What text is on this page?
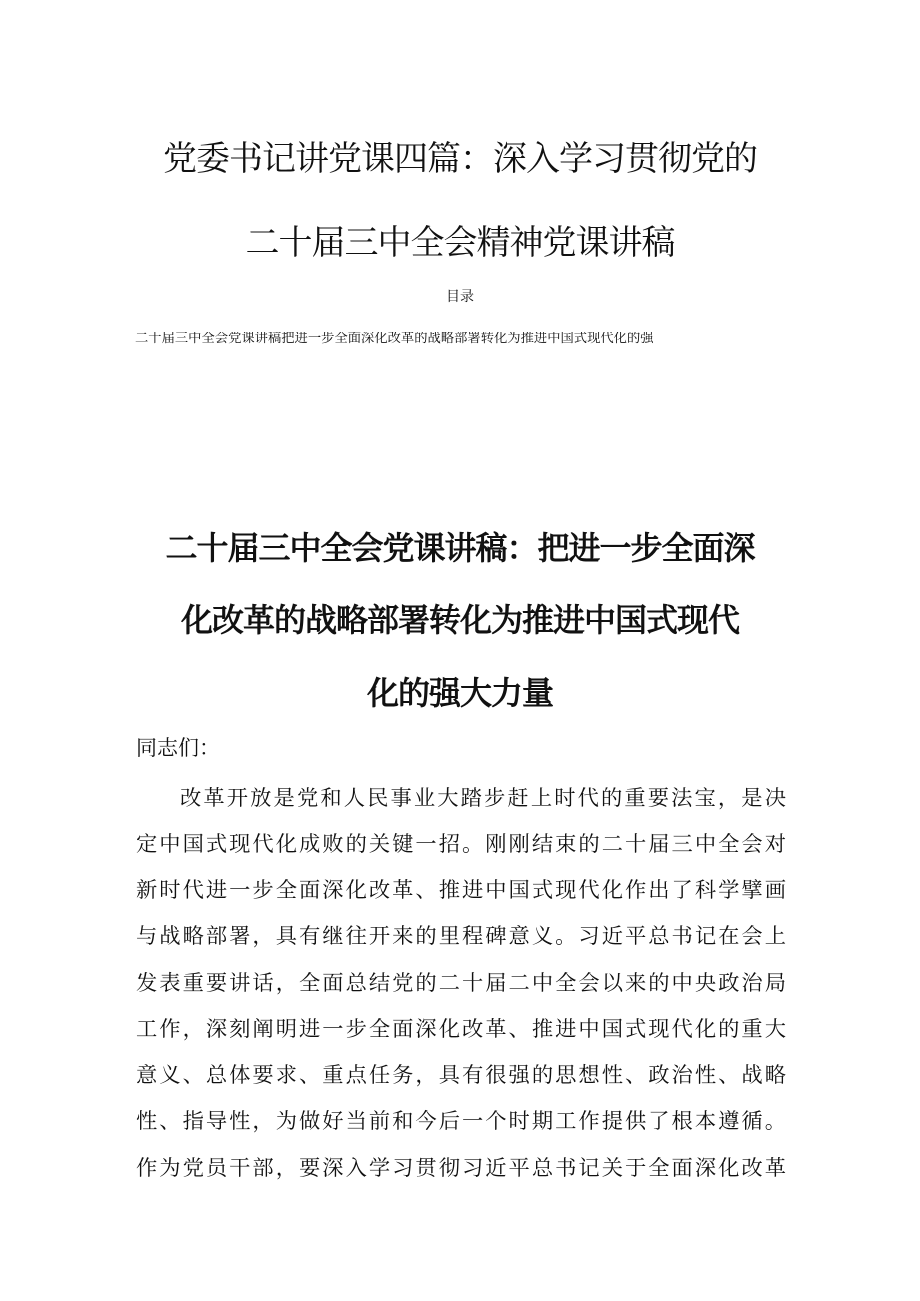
党委书记讲党课四篇：深入学习贯彻党的
二十届三中全会精神党课讲稿
目录
二十届三中全会党课讲稿把进一步全面深化改革的战略部署转化为推进中国式现代化的强
二十届三中全会党课讲稿：把进一步全面深
化改革的战略部署转化为推进中国式现代
化的强大力量
同志们：
改革开放是党和人民事业大踏步赶上时代的重要法宝，是决
定中国式现代化成败的关键一招。刚刚结束的二十届三中全会对
新时代进一步全面深化改革、推进中国式现代化作出了科学擘画
与战略部署，具有继往开来的里程碑意义。习近平总书记在会上
发表重要讲话，全面总结党的二十届二中全会以来的中央政治局
工作，深刻阐明进一步全面深化改革、推进中国式现代化的重大
意义、总体要求、重点任务，具有很强的思想性、政治性、战略
性、指导性，为做好当前和今后一个时期工作提供了根本遵循。
作为党员干部，要深入学习贯彻习近平总书记关于全面深化改革
